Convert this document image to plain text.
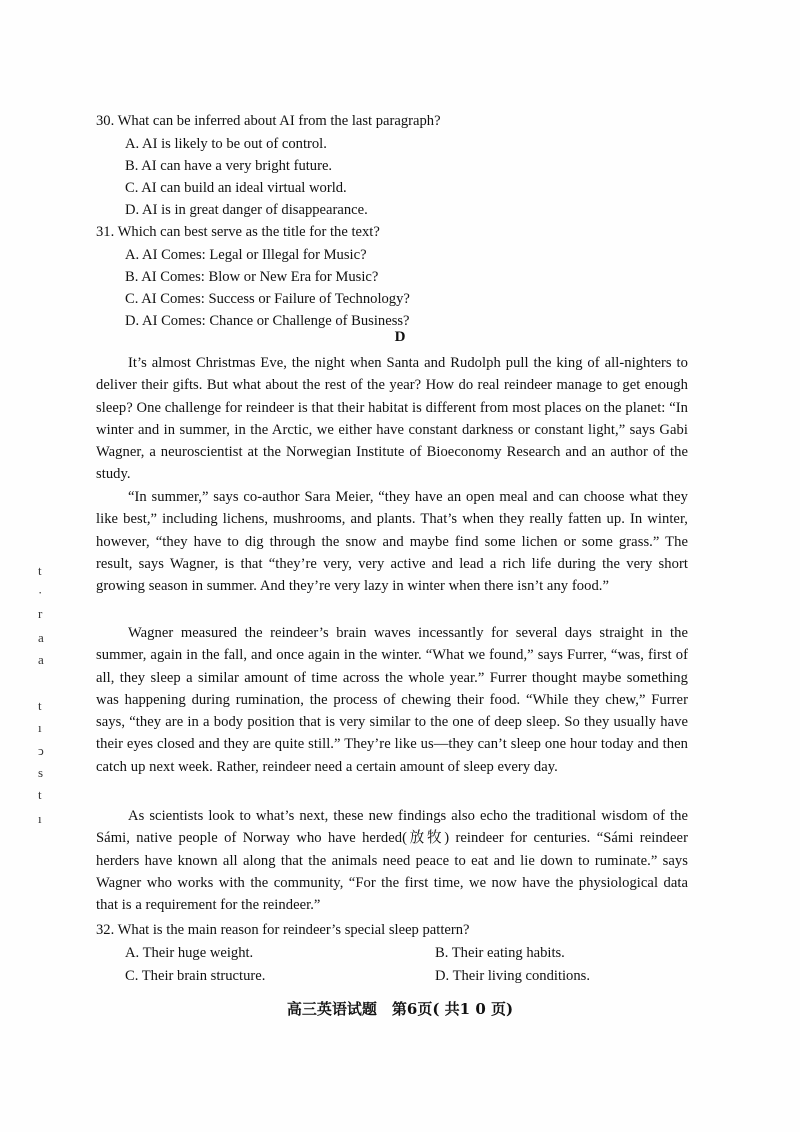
30. What can be inferred about AI from the last paragraph?
A. AI is likely to be out of control.
B. AI can have a very bright future.
C. AI can build an ideal virtual world.
D. AI is in great danger of disappearance.
31. Which can best serve as the title for the text?
A. AI Comes: Legal or Illegal for Music?
B. AI Comes: Blow or New Era for Music?
C. AI Comes: Success or Failure of Technology?
D. AI Comes: Chance or Challenge of Business?
D
It’s almost Christmas Eve, the night when Santa and Rudolph pull the king of all-nighters to deliver their gifts. But what about the rest of the year? How do real reindeer manage to get enough sleep? One challenge for reindeer is that their habitat is different from most places on the planet: “In winter and in summer, in the Arctic, we either have constant darkness or constant light,” says Gabi Wagner, a neuroscientist at the Norwegian Institute of Bioeconomy Research and an author of the study.
“In summer,” says co-author Sara Meier, “they have an open meal and can choose what they like best,” including lichens, mushrooms, and plants. That’s when they really fatten up. In winter, however, “they have to dig through the snow and maybe find some lichen or some grass.” The result, says Wagner, is that “they’re very, very active and lead a rich life during the very short growing season in summer. And they’re very lazy in winter when there isn’t any food.”
Wagner measured the reindeer’s brain waves incessantly for several days straight in the summer, again in the fall, and once again in the winter. “What we found,” says Furrer, “was, first of all, they sleep a similar amount of time across the whole year.” Furrer thought maybe something was happening during rumination, the process of chewing their food. “While they chew,” Furrer says, “they are in a body position that is very similar to the one of deep sleep. So they usually have their eyes closed and they are quite still.” They’re like us—they can’t sleep one hour today and then catch up next week. Rather, reindeer need a certain amount of sleep every day.
As scientists look to what’s next, these new findings also echo the traditional wisdom of the Sámi, native people of Norway who have herded(放牧) reindeer for centuries. “Sámi reindeer herders have known all along that the animals need peace to eat and lie down to ruminate.” says Wagner who works with the community, “For the first time, we now have the physiological data that is a requirement for the reindeer.”
32. What is the main reason for reindeer’s special sleep pattern?
A. Their huge weight.	B. Their eating habits.
C. Their brain structure.	D. Their living conditions.
t
·
r
a
a
t
ı
ↄ
s
t
ı
高三英语试题　第6页( 共1 0 页)
